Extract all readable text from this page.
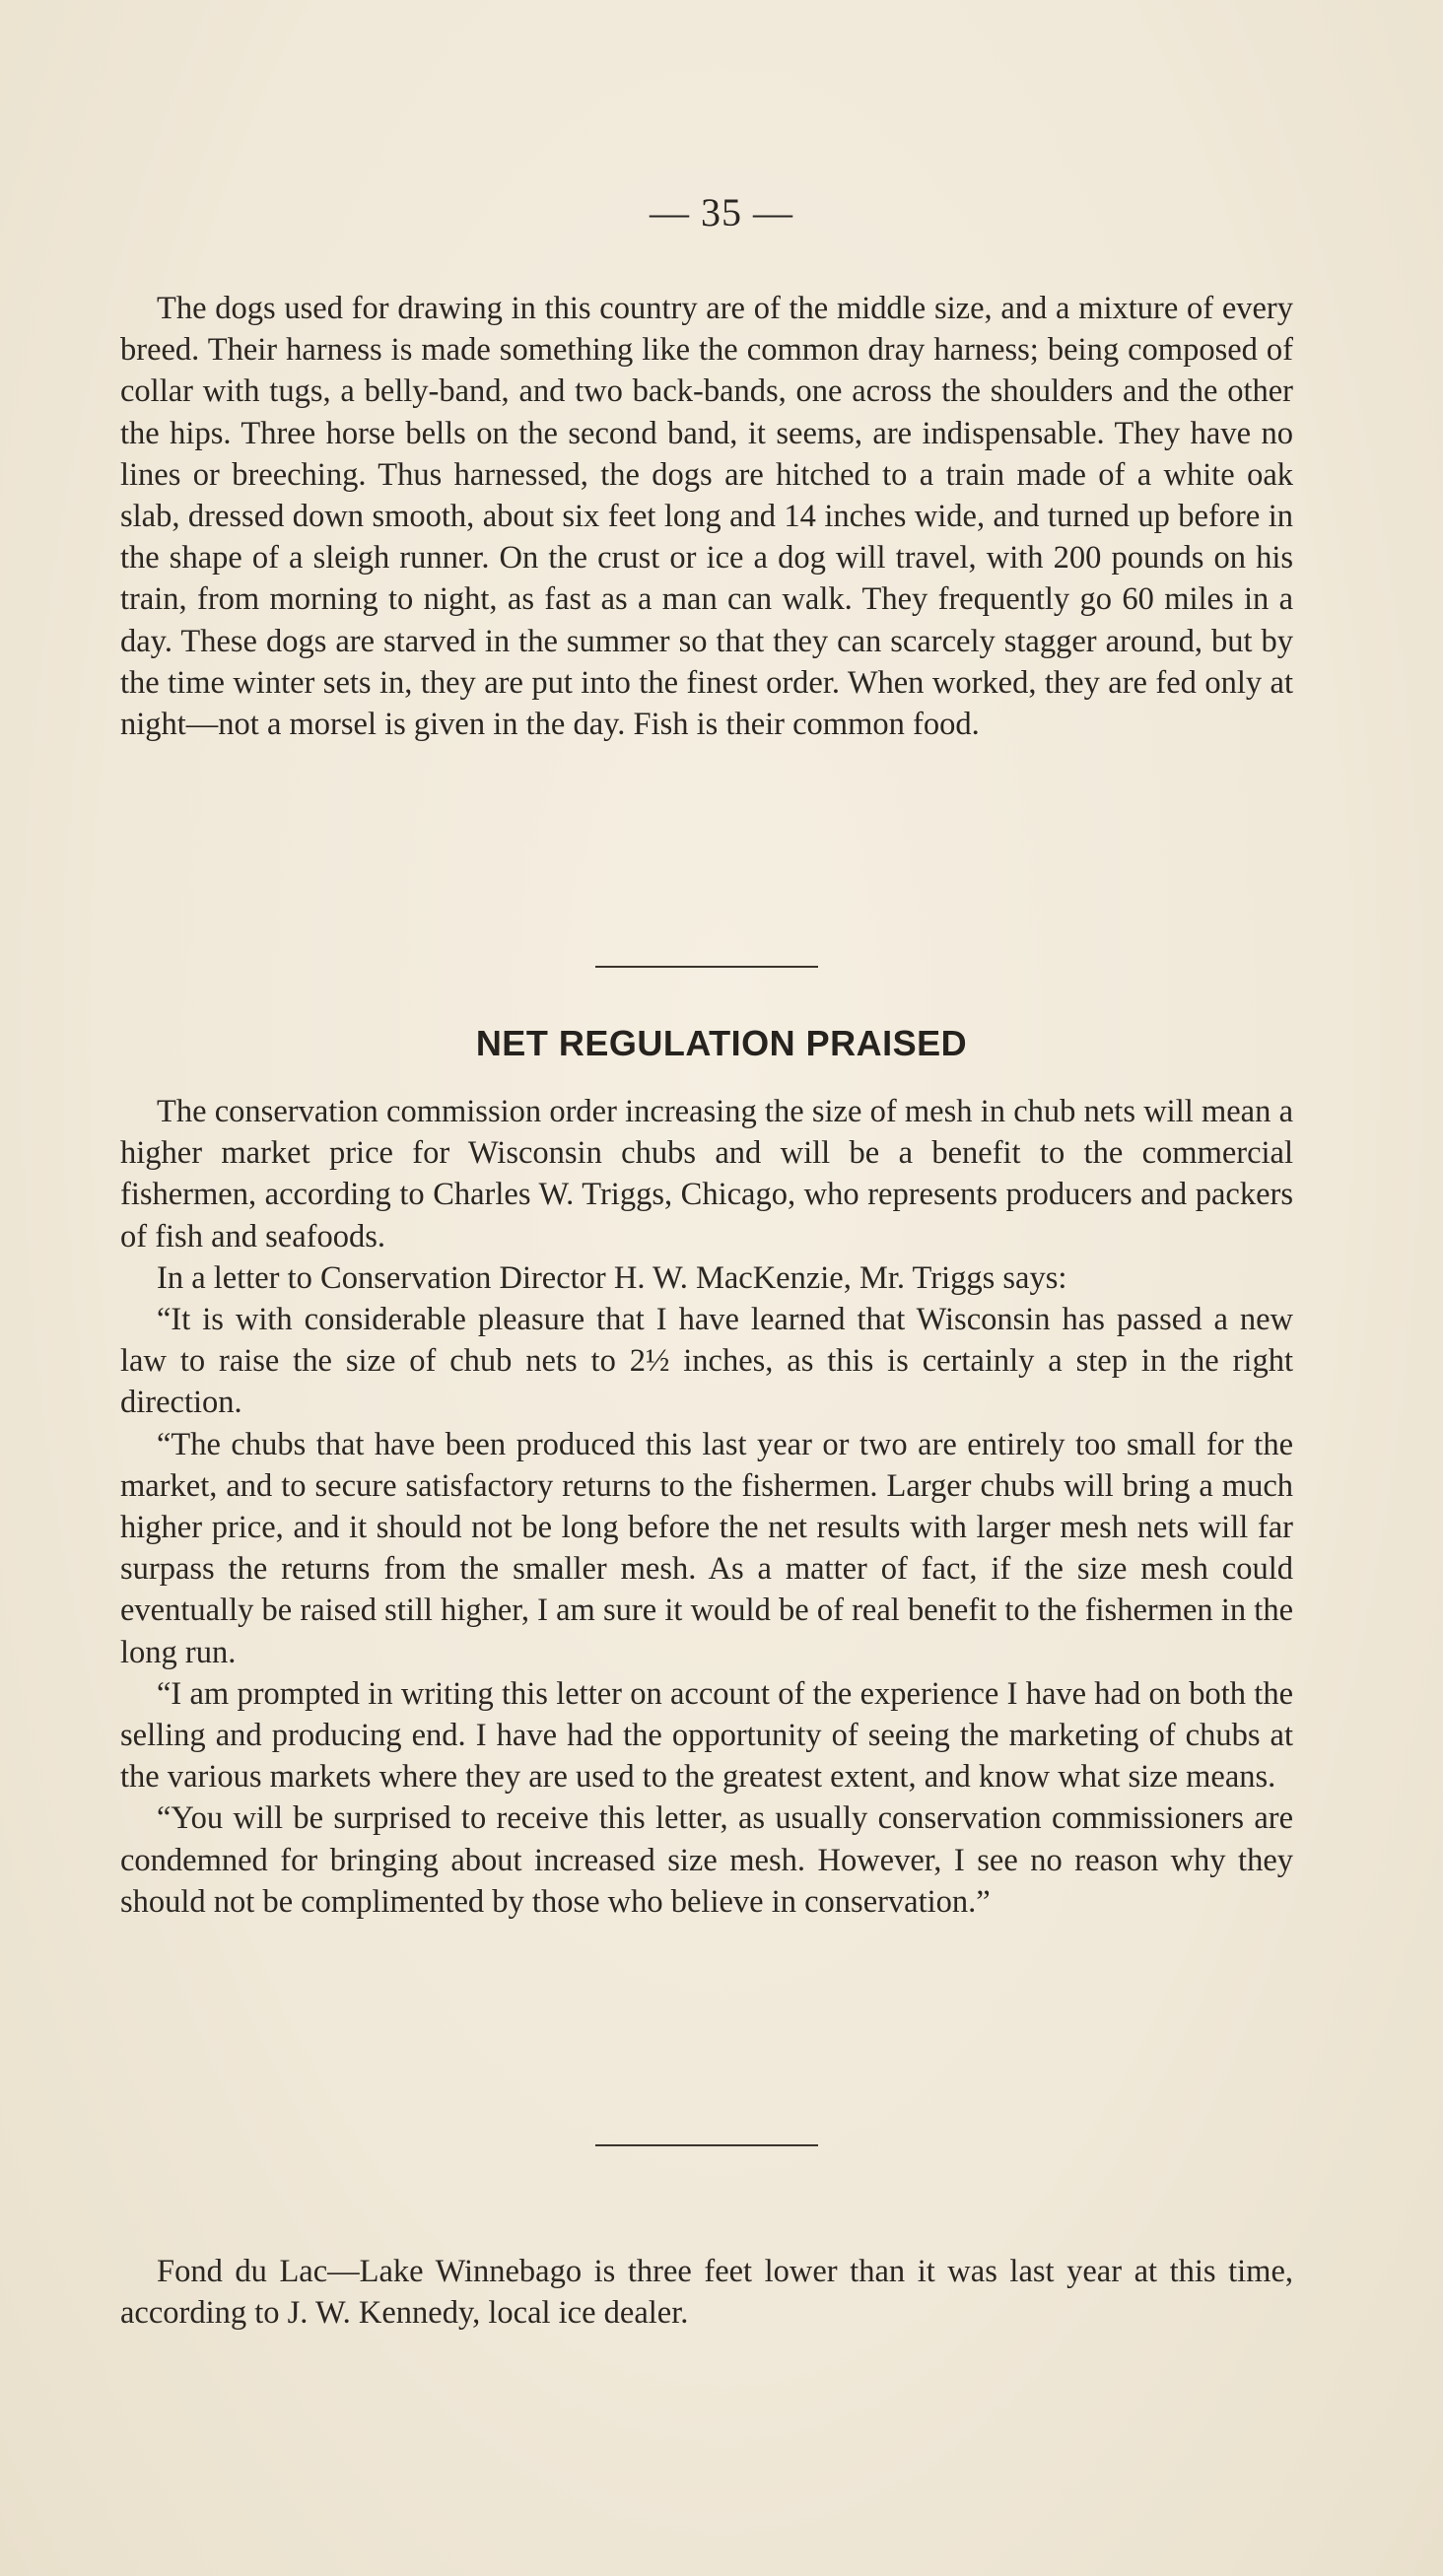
— 35 —

The dogs used for drawing in this country are of the middle size, and a mixture of every breed. Their harness is made something like the common dray harness; being composed of collar with tugs, a belly-band, and two back-bands, one across the shoulders and the other the hips. Three horse bells on the second band, it seems, are indispensable. They have no lines or breeching. Thus harnessed, the dogs are hitched to a train made of a white oak slab, dressed down smooth, about six feet long and 14 inches wide, and turned up before in the shape of a sleigh runner. On the crust or ice a dog will travel, with 200 pounds on his train, from morning to night, as fast as a man can walk. They frequently go 60 miles in a day. These dogs are starved in the summer so that they can scarcely stagger around, but by the time winter sets in, they are put into the finest order. When worked, they are fed only at night—not a morsel is given in the day. Fish is their common food.

NET REGULATION PRAISED

The conservation commission order increasing the size of mesh in chub nets will mean a higher market price for Wisconsin chubs and will be a benefit to the commercial fishermen, according to Charles W. Triggs, Chicago, who represents producers and packers of fish and seafoods.

In a letter to Conservation Director H. W. MacKenzie, Mr. Triggs says:

“It is with considerable pleasure that I have learned that Wisconsin has passed a new law to raise the size of chub nets to 2½ inches, as this is certainly a step in the right direction.

“The chubs that have been produced this last year or two are entirely too small for the market, and to secure satisfactory returns to the fishermen. Larger chubs will bring a much higher price, and it should not be long before the net results with larger mesh nets will far surpass the returns from the smaller mesh. As a matter of fact, if the size mesh could eventually be raised still higher, I am sure it would be of real benefit to the fishermen in the long run.

“I am prompted in writing this letter on account of the experience I have had on both the selling and producing end. I have had the opportunity of seeing the marketing of chubs at the various markets where they are used to the greatest extent, and know what size means.

“You will be surprised to receive this letter, as usually conservation commissioners are condemned for bringing about increased size mesh. However, I see no reason why they should not be complimented by those who believe in conservation.”

Fond du Lac—Lake Winnebago is three feet lower than it was last year at this time, according to J. W. Kennedy, local ice dealer.
